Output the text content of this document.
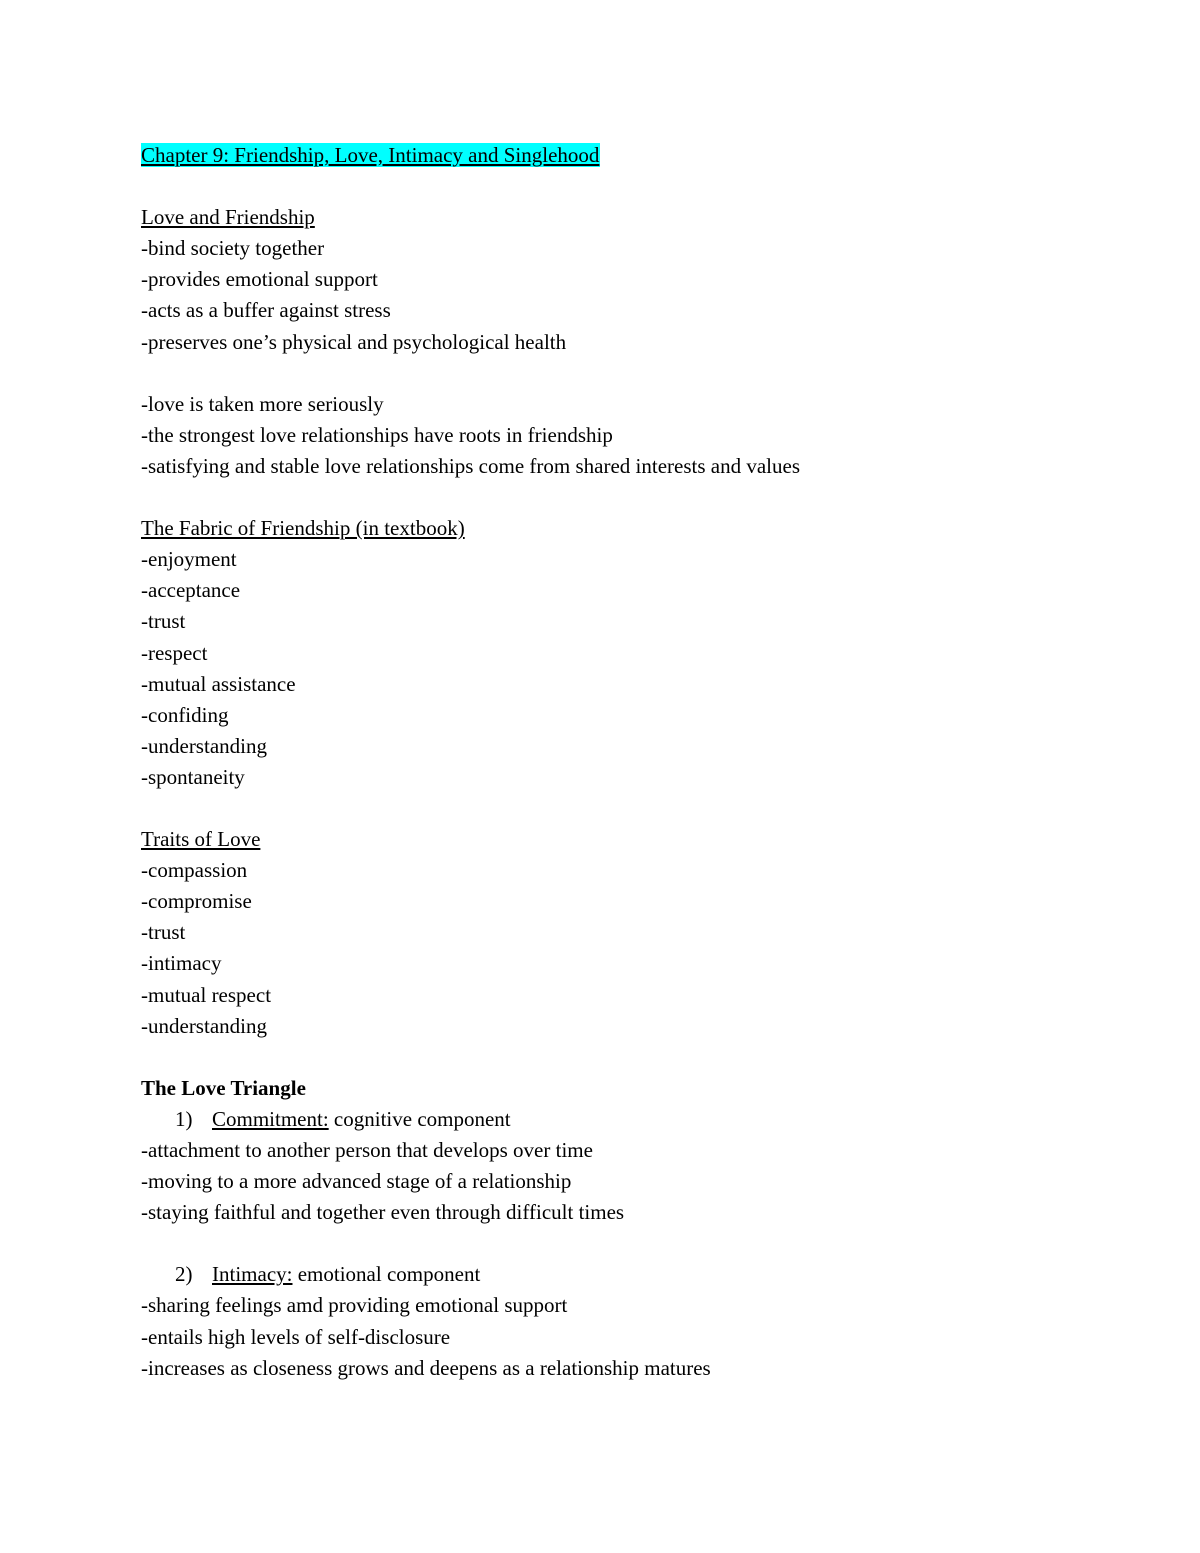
Chapter 9: Friendship, Love, Intimacy and Singlehood
Love and Friendship
-bind society together
-provides emotional support
-acts as a buffer against stress
-preserves one’s physical and psychological health
-love is taken more seriously
-the strongest love relationships have roots in friendship
-satisfying and stable love relationships come from shared interests and values
The Fabric of Friendship (in textbook)
-enjoyment
-acceptance
-trust
-respect
-mutual assistance
-confiding
-understanding
-spontaneity
Traits of Love
-compassion
-compromise
-trust
-intimacy
-mutual respect
-understanding
The Love Triangle
1) Commitment: cognitive component
-attachment to another person that develops over time
-moving to a more advanced stage of a relationship
-staying faithful and together even through difficult times
2) Intimacy: emotional component
-sharing feelings amd providing emotional support
-entails high levels of self-disclosure
-increases as closeness grows and deepens as a relationship matures
